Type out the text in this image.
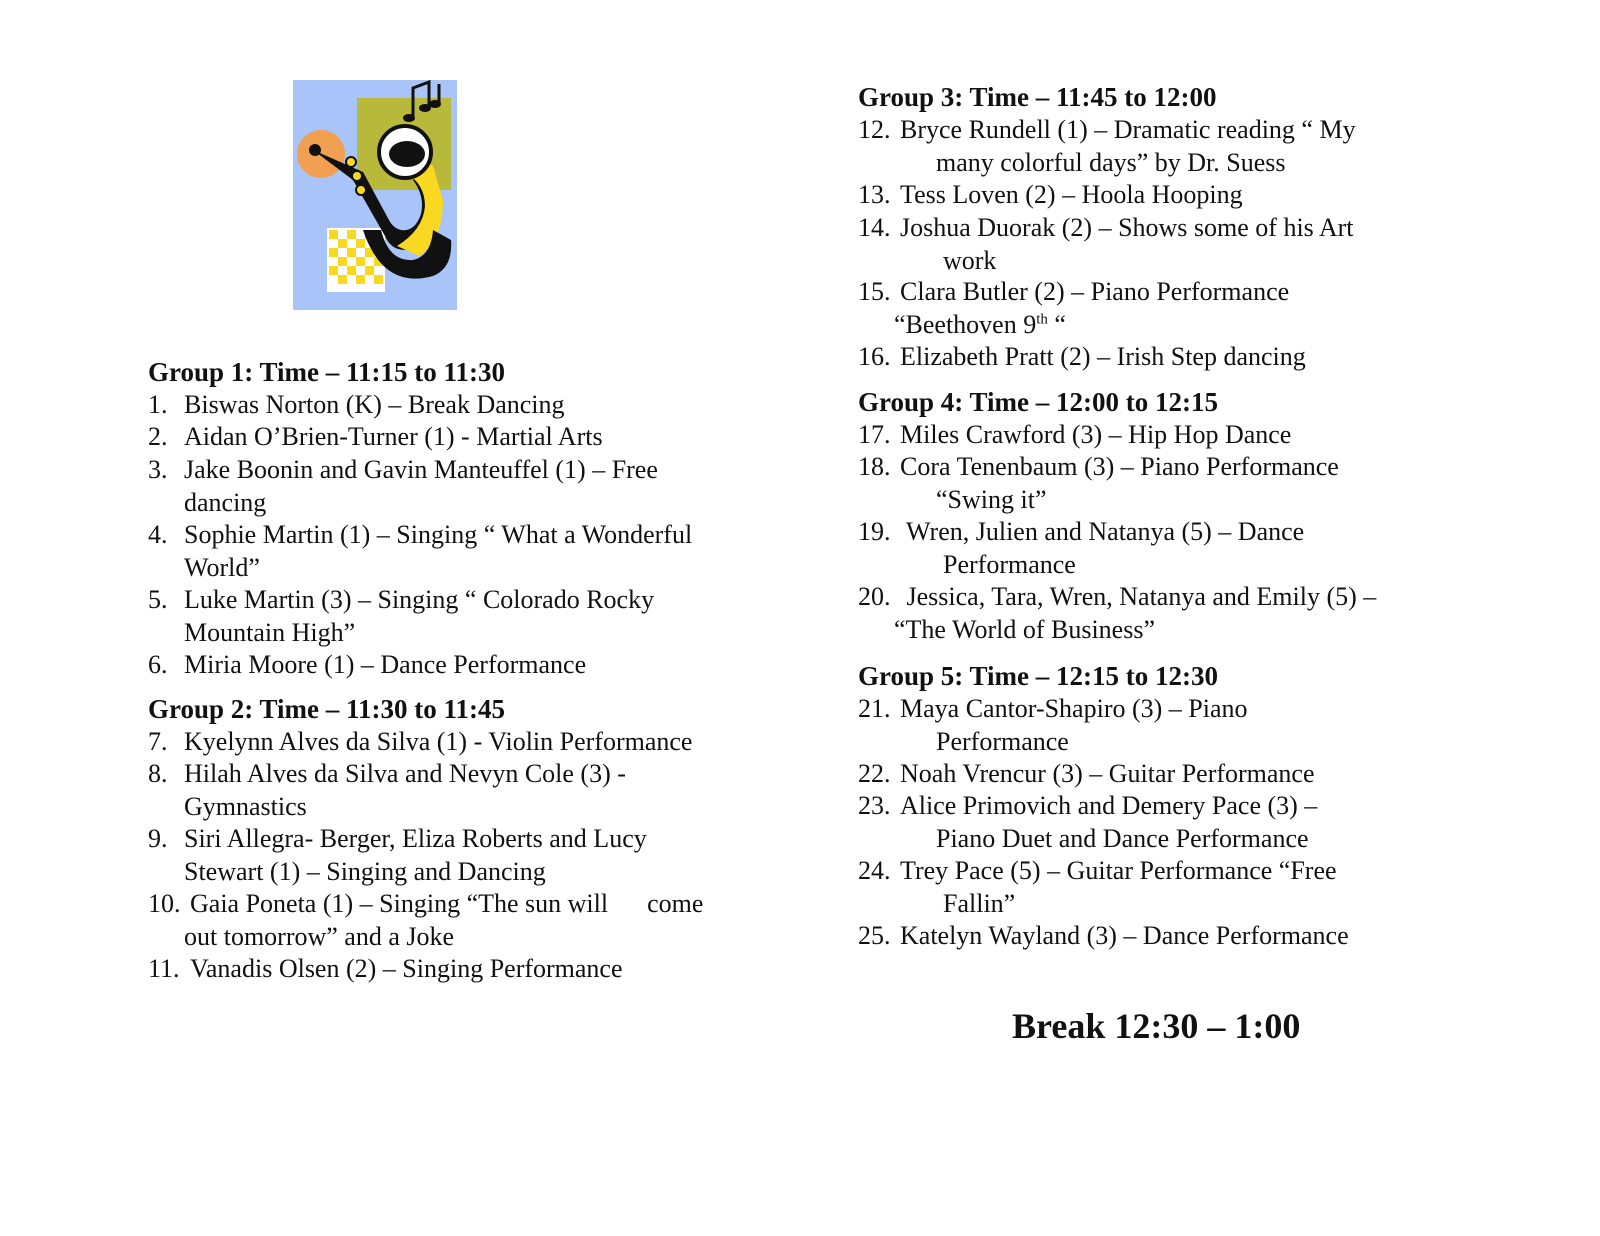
Group 1: Time – 11:15 to 11:30
1. Biswas Norton (K) – Break Dancing
2. Aidan O’Brien-Turner (1) - Martial Arts
3. Jake Boonin and Gavin Manteuffel (1) – Free
dancing
4. Sophie Martin (1) – Singing “ What a Wonderful
World”
5. Luke Martin (3) – Singing “ Colorado Rocky
Mountain High”
6. Miria Moore (1) – Dance Performance
Group 2: Time – 11:30 to 11:45
7. Kyelynn Alves da Silva (1) - Violin Performance
8. Hilah Alves da Silva and Nevyn Cole (3) -
Gymnastics
9. Siri Allegra- Berger, Eliza Roberts and Lucy
Stewart (1) – Singing and Dancing
10. Gaia Poneta (1) – Singing “The sun will      come
out tomorrow” and a Joke
11. Vanadis Olsen (2) – Singing Performance
Group 3: Time – 11:45 to 12:00
12. Bryce Rundell (1) – Dramatic reading “ My
many colorful days” by Dr. Suess
13. Tess Loven (2) – Hoola Hooping
14. Joshua Duorak (2) – Shows some of his Art
work
15. Clara Butler (2) – Piano Performance
“Beethoven 9th “
16. Elizabeth Pratt (2) – Irish Step dancing
Group 4: Time – 12:00 to 12:15
17. Miles Crawford (3) – Hip Hop Dance
18. Cora Tenenbaum (3) – Piano Performance
“Swing it”
19. Wren, Julien and Natanya (5) – Dance
Performance
20. Jessica, Tara, Wren, Natanya and Emily (5) –
“The World of Business”
Group 5: Time – 12:15 to 12:30
21. Maya Cantor-Shapiro (3) – Piano
Performance
22. Noah Vrencur (3) – Guitar Performance
23. Alice Primovich and Demery Pace (3) –
Piano Duet and Dance Performance
24. Trey Pace (5) – Guitar Performance “Free
Fallin”
25. Katelyn Wayland (3) – Dance Performance
Break 12:30 – 1:00
